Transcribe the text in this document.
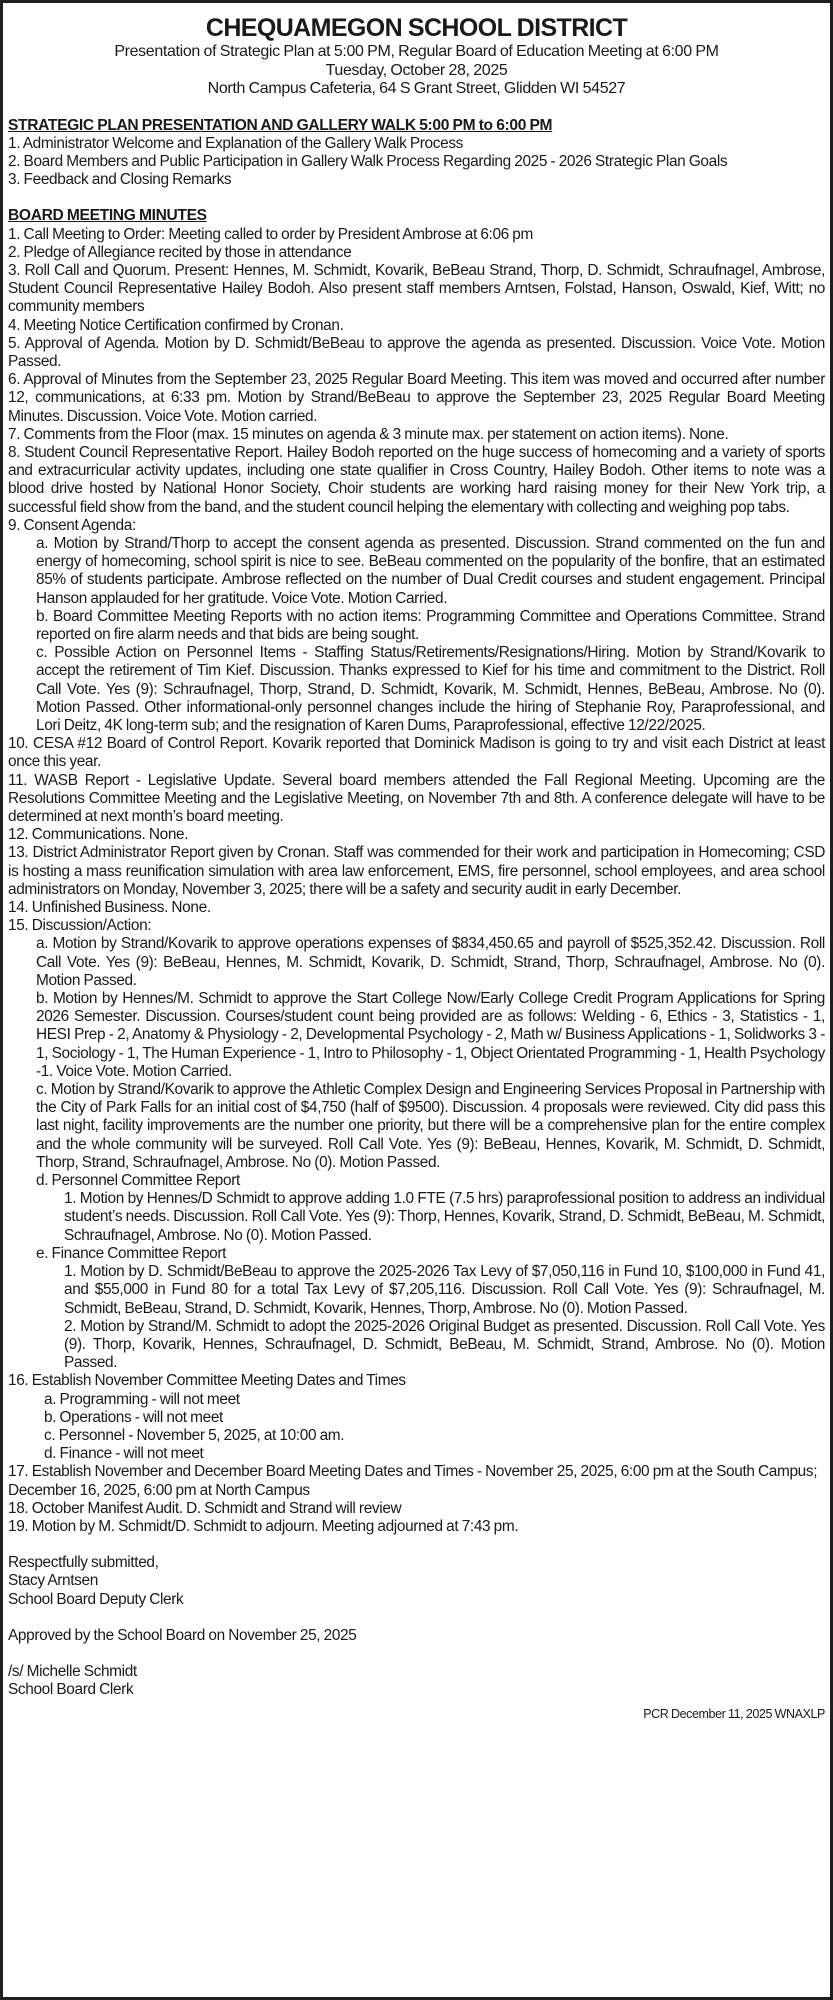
CHEQUAMEGON SCHOOL DISTRICT
Presentation of Strategic Plan at 5:00 PM, Regular Board of Education Meeting at 6:00 PM
Tuesday, October 28, 2025
North Campus Cafeteria, 64 S Grant Street, Glidden WI 54527
STRATEGIC PLAN PRESENTATION AND GALLERY WALK 5:00 PM to 6:00 PM
1. Administrator Welcome and Explanation of the Gallery Walk Process
2. Board Members and Public Participation in Gallery Walk Process Regarding 2025 - 2026 Strategic Plan Goals
3. Feedback and Closing Remarks
BOARD MEETING MINUTES
1. Call Meeting to Order: Meeting called to order by President Ambrose at 6:06 pm
2. Pledge of Allegiance recited by those in attendance
3. Roll Call and Quorum. Present: Hennes, M. Schmidt, Kovarik, BeBeau Strand, Thorp, D. Schmidt, Schraufnagel, Ambrose, Student Council Representative Hailey Bodoh. Also present staff members Arntsen, Folstad, Hanson, Oswald, Kief, Witt; no community members
4. Meeting Notice Certification confirmed by Cronan.
5. Approval of Agenda. Motion by D. Schmidt/BeBeau to approve the agenda as presented. Discussion. Voice Vote. Motion Passed.
6. Approval of Minutes from the September 23, 2025 Regular Board Meeting. This item was moved and occurred after number 12, communications, at 6:33 pm. Motion by Strand/BeBeau to approve the September 23, 2025 Regular Board Meeting Minutes. Discussion. Voice Vote. Motion carried.
7. Comments from the Floor (max. 15 minutes on agenda & 3 minute max. per statement on action items). None.
8. Student Council Representative Report. Hailey Bodoh reported on the huge success of homecoming and a variety of sports and extracurricular activity updates, including one state qualifier in Cross Country, Hailey Bodoh. Other items to note was a blood drive hosted by National Honor Society, Choir students are working hard raising money for their New York trip, a successful field show from the band, and the student council helping the elementary with collecting and weighing pop tabs.
9. Consent Agenda:
a. Motion by Strand/Thorp to accept the consent agenda as presented. Discussion. Strand commented on the fun and energy of homecoming, school spirit is nice to see. BeBeau commented on the popularity of the bonfire, that an estimated 85% of students participate. Ambrose reflected on the number of Dual Credit courses and student engagement. Principal Hanson applauded for her gratitude. Voice Vote. Motion Carried.
b. Board Committee Meeting Reports with no action items: Programming Committee and Operations Committee. Strand reported on fire alarm needs and that bids are being sought.
c. Possible Action on Personnel Items - Staffing Status/Retirements/Resignations/Hiring. Motion by Strand/Kovarik to accept the retirement of Tim Kief. Discussion. Thanks expressed to Kief for his time and commitment to the District. Roll Call Vote. Yes (9): Schraufnagel, Thorp, Strand, D. Schmidt, Kovarik, M. Schmidt, Hennes, BeBeau, Ambrose. No (0). Motion Passed. Other informational-only personnel changes include the hiring of Stephanie Roy, Paraprofessional, and Lori Deitz, 4K long-term sub; and the resignation of Karen Dums, Paraprofessional, effective 12/22/2025.
10. CESA #12 Board of Control Report. Kovarik reported that Dominick Madison is going to try and visit each District at least once this year.
11. WASB Report - Legislative Update. Several board members attended the Fall Regional Meeting. Upcoming are the Resolutions Committee Meeting and the Legislative Meeting, on November 7th and 8th. A conference delegate will have to be determined at next month’s board meeting.
12. Communications. None.
13. District Administrator Report given by Cronan. Staff was commended for their work and participation in Homecoming; CSD is hosting a mass reunification simulation with area law enforcement, EMS, fire personnel, school employees, and area school administrators on Monday, November 3, 2025; there will be a safety and security audit in early December.
14. Unfinished Business. None.
15. Discussion/Action:
a. Motion by Strand/Kovarik to approve operations expenses of $834,450.65 and payroll of $525,352.42. Discussion. Roll Call Vote. Yes (9): BeBeau, Hennes, M. Schmidt, Kovarik, D. Schmidt, Strand, Thorp, Schraufnagel, Ambrose. No (0). Motion Passed.
b. Motion by Hennes/M. Schmidt to approve the Start College Now/Early College Credit Program Applications for Spring 2026 Semester. Discussion. Courses/student count being provided are as follows: Welding - 6, Ethics - 3, Statistics - 1, HESI Prep - 2, Anatomy & Physiology - 2, Developmental Psychology - 2, Math w/ Business Applications - 1, Solidworks 3 - 1, Sociology - 1, The Human Experience - 1, Intro to Philosophy - 1, Object Orientated Programming - 1, Health Psychology -1. Voice Vote. Motion Carried.
c. Motion by Strand/Kovarik to approve the Athletic Complex Design and Engineering Services Proposal in Partnership with the City of Park Falls for an initial cost of $4,750 (half of $9500). Discussion. 4 proposals were reviewed. City did pass this last night, facility improvements are the number one priority, but there will be a comprehensive plan for the entire complex and the whole community will be surveyed. Roll Call Vote. Yes (9): BeBeau, Hennes, Kovarik, M. Schmidt, D. Schmidt, Thorp, Strand, Schraufnagel, Ambrose. No (0). Motion Passed.
d. Personnel Committee Report
1. Motion by Hennes/D Schmidt to approve adding 1.0 FTE (7.5 hrs) paraprofessional position to address an individual student’s needs. Discussion. Roll Call Vote. Yes (9): Thorp, Hennes, Kovarik, Strand, D. Schmidt, BeBeau, M. Schmidt, Schraufnagel, Ambrose. No (0). Motion Passed.
e. Finance Committee Report
1. Motion by D. Schmidt/BeBeau to approve the 2025-2026 Tax Levy of $7,050,116 in Fund 10, $100,000 in Fund 41, and $55,000 in Fund 80 for a total Tax Levy of $7,205,116. Discussion. Roll Call Vote. Yes (9): Schraufnagel, M. Schmidt, BeBeau, Strand, D. Schmidt, Kovarik, Hennes, Thorp, Ambrose. No (0). Motion Passed.
2. Motion by Strand/M. Schmidt to adopt the 2025-2026 Original Budget as presented. Discussion. Roll Call Vote. Yes (9). Thorp, Kovarik, Hennes, Schraufnagel, D. Schmidt, BeBeau, M. Schmidt, Strand, Ambrose. No (0). Motion Passed.
16. Establish November Committee Meeting Dates and Times
a. Programming - will not meet
b. Operations - will not meet
c. Personnel - November 5, 2025, at 10:00 am.
d. Finance - will not meet
17. Establish November and December Board Meeting Dates and Times - November 25, 2025, 6:00 pm at the South Campus; December 16, 2025, 6:00 pm at North Campus
18. October Manifest Audit. D. Schmidt and Strand will review
19. Motion by M. Schmidt/D. Schmidt to adjourn. Meeting adjourned at 7:43 pm.
Respectfully submitted,
Stacy Arntsen
School Board Deputy Clerk
Approved by the School Board on November 25, 2025
/s/ Michelle Schmidt
School Board Clerk
PCR December 11, 2025 WNAXLP
